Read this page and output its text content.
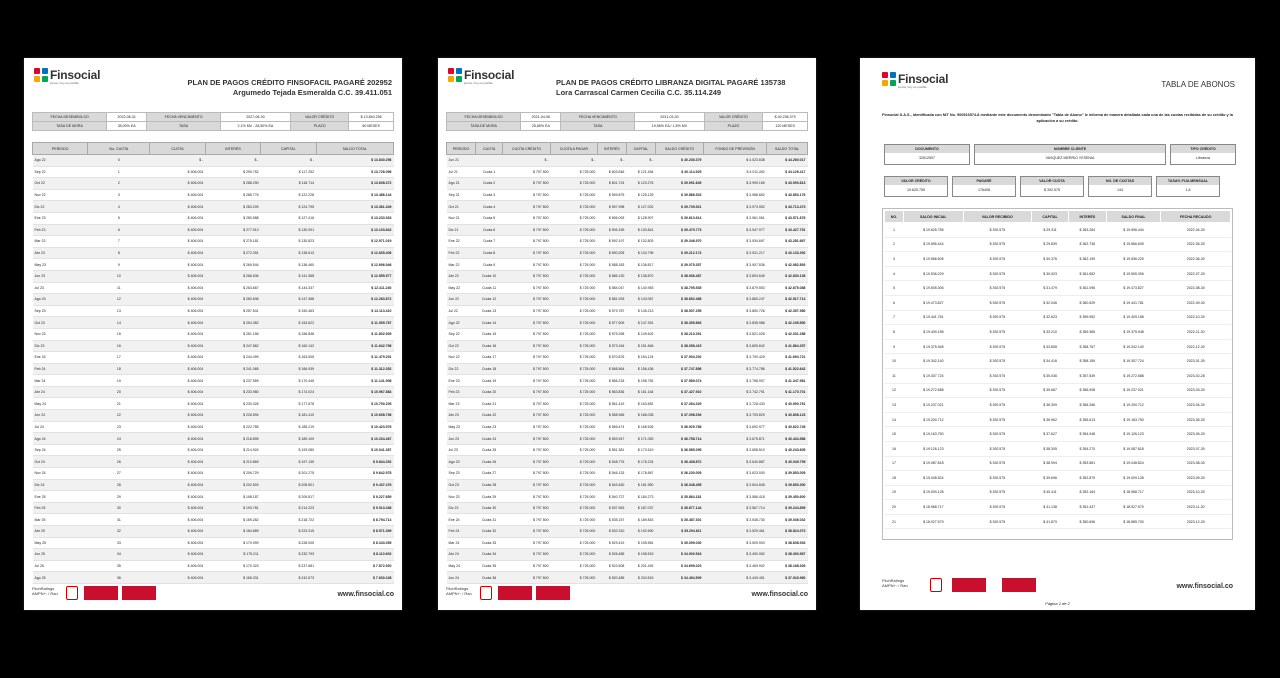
Finsocial
juntos, hoy es posible	PLAN DE PAGOS CRÉDITO FINSOFACIL PAGARÉ 202952
Argumedo Tejada Esmeralda C.C. 39.411.051
FECHA DESEMBOLSO	2022-08-31	FECHA VENCIMIENTO	2027-08-30	VALOR CRÉDITO	$ 13.840.256
TASA DE MORA	35,00% EA	TASA	2,1% MV - 28,50% EA	PLAZO	60 MESES
PERIODO	No. CUOTA	CUOTA	INTERÉS	CAPITAL	SALDO TOTAL
Ago 22	0	$ -	$ -	$ -	$ 13.840.256
Sep 22	1	$ 406.004	$ 290.752	$ 117.252	$ 13.726.096
Oct 22	2	$ 406.004	$ 288.290	$ 118.714	$ 13.608.372
Nov 22	3	$ 406.004	$ 285.776	$ 122.228	$ 13.486.144
Dic 22	4	$ 406.004	$ 283.209	$ 124.795	$ 13.361.349
Ene 23	5	$ 406.004	$ 280.588	$ 127.416	$ 13.233.933
Feb 23	6	$ 406.004	$ 277.913	$ 130.091	$ 13.103.842
Mar 23	7	$ 406.004	$ 275.181	$ 130.823	$ 12.971.019
Abr 23	8	$ 406.004	$ 272.391	$ 135.613	$ 12.835.406
May 23	9	$ 406.004	$ 269.544	$ 136.460	$ 12.696.946
Jun 23	10	$ 406.004	$ 266.636	$ 141.368	$ 12.555.577
Jul 23	11	$ 406.004	$ 263.667	$ 144.337	$ 12.411.240
Ago 23	12	$ 406.004	$ 260.636	$ 147.368	$ 12.263.872
Sep 23	13	$ 406.004	$ 257.541	$ 150.463	$ 12.113.410
Oct 23	14	$ 406.004	$ 254.382	$ 153.622	$ 11.959.787
Nov 23	15	$ 406.004	$ 251.156	$ 156.848	$ 11.802.939
Dic 23	16	$ 406.004	$ 247.862	$ 160.142	$ 11.642.796
Ene 24	17	$ 406.004	$ 244.499	$ 163.505	$ 11.479.291
Feb 24	18	$ 406.004	$ 241.065	$ 166.939	$ 11.312.352
Mar 24	19	$ 406.004	$ 237.559	$ 170.445	$ 11.141.908
Abr 24	20	$ 406.004	$ 233.980	$ 174.024	$ 10.967.884
May 24	21	$ 406.004	$ 230.326	$ 177.678	$ 10.790.205
Jun 24	22	$ 406.004	$ 226.594	$ 181.410	$ 10.608.796
Jul 24	23	$ 406.004	$ 222.785	$ 185.219	$ 10.423.576
Ago 24	24	$ 406.004	$ 218.895	$ 189.109	$ 10.234.467
Sep 24	25	$ 406.004	$ 214.924	$ 193.080	$ 10.041.387
Oct 24	26	$ 406.004	$ 210.869	$ 197.135	$ 9.844.252
Nov 24	27	$ 406.004	$ 206.729	$ 201.275	$ 9.642.978
Dic 24	28	$ 406.004	$ 202.503	$ 205.501	$ 9.437.476
Ene 25	29	$ 406.004	$ 198.187	$ 209.817	$ 9.227.659
Feb 25	30	$ 406.004	$ 193.781	$ 214.223	$ 9.013.436
Mar 25	31	$ 406.004	$ 189.282	$ 218.722	$ 8.794.714
Abr 25	32	$ 406.004	$ 184.689	$ 223.315	$ 8.571.399
May 25	33	$ 406.004	$ 179.999	$ 228.005	$ 8.343.395
Jun 25	34	$ 406.004	$ 175.211	$ 232.793	$ 8.110.602
Jul 25	35	$ 406.004	$ 170.323	$ 237.681	$ 7.872.920
Ago 25	36	$ 406.004	$ 165.331	$ 242.673	$ 7.630.248
FitchRatings AMPN+: / Ran	www.finsocial.co
Finsocial
juntos, hoy es posible	PLAN DE PAGOS CRÉDITO LIBRANZA DIGITAL PAGARÉ 135738
Lora Carrascal Carmen Cecilia C.C. 35.114.249
FECHA DESEMBOLSO	2021-04-06	FECHA VENCIMIENTO	2031-03-30	VALOR CRÉDITO	$ 40.236.379
TASA DE MORA	25,85% EA	TASA	19,56% EA / 1,5% MV	PLAZO	120 MESES
PERIODO	CUOTA	CUOTA CRÉDITO	CUOTA A PAGAR	INTERÉS	CAPITAL	SALDO CRÉDITO	FONDO DE PREVISIÓN	SALDO TOTAL
Jun 21		$ -	$ -	$ -	$ -	$ 40.236.379	$ 4.023.638	$ 44.260.017
Jul 21	Cuota 1	$ 797.500	$ 725.000	$ 603.546	$ 121.454	$ 40.114.925	$ 4.011.492	$ 44.126.417
Ago 21	Cuota 2	$ 797.500	$ 725.000	$ 601.724	$ 123.276	$ 39.991.649	$ 3.999.165	$ 43.990.813
Sep 21	Cuota 3	$ 797.500	$ 725.000	$ 599.875	$ 125.125	$ 39.866.523	$ 3.986.652	$ 43.853.176
Oct 21	Cuota 4	$ 797.500	$ 725.000	$ 597.998	$ 127.002	$ 39.739.521	$ 3.973.952	$ 43.713.473
Nov 21	Cuota 5	$ 797.500	$ 725.000	$ 596.093	$ 128.907	$ 39.610.614	$ 3.961.061	$ 43.571.676
Dic 21	Cuota 6	$ 797.500	$ 725.000	$ 594.159	$ 130.841	$ 39.479.773	$ 3.947.977	$ 43.427.751
Ene 22	Cuota 7	$ 797.500	$ 725.000	$ 592.197	$ 132.803	$ 39.346.970	$ 3.934.697	$ 43.281.667
Feb 22	Cuota 8	$ 797.500	$ 725.000	$ 590.205	$ 134.795	$ 39.212.174	$ 3.921.217	$ 43.133.392
Mar 22	Cuota 9	$ 797.500	$ 725.000	$ 588.183	$ 136.817	$ 39.075.357	$ 3.907.536	$ 42.982.893
Abr 22	Cuota 10	$ 797.500	$ 725.000	$ 586.130	$ 138.870	$ 38.936.487	$ 3.893.649	$ 42.830.136
May 22	Cuota 11	$ 797.500	$ 725.000	$ 584.047	$ 140.953	$ 38.795.535	$ 3.879.553	$ 42.675.088
Jun 22	Cuota 12	$ 797.500	$ 725.000	$ 581.933	$ 143.067	$ 38.652.468	$ 3.865.247	$ 42.517.714
Jul 22	Cuota 13	$ 797.500	$ 725.000	$ 579.787	$ 145.213	$ 38.507.255	$ 3.850.726	$ 42.357.980
Ago 22	Cuota 14	$ 797.500	$ 725.000	$ 577.609	$ 147.391	$ 38.359.863	$ 3.835.986	$ 42.195.850
Sep 22	Cuota 15	$ 797.500	$ 725.000	$ 575.398	$ 149.602	$ 38.210.261	$ 3.821.026	$ 42.031.288
Oct 22	Cuota 16	$ 797.500	$ 725.000	$ 573.154	$ 151.846	$ 38.058.415	$ 3.805.842	$ 41.864.257
Nov 22	Cuota 17	$ 797.500	$ 725.000	$ 570.876	$ 154.124	$ 37.904.292	$ 3.790.429	$ 41.694.721
Dic 22	Cuota 18	$ 797.500	$ 725.000	$ 568.564	$ 156.436	$ 37.747.856	$ 3.774.786	$ 41.522.642
Ene 23	Cuota 19	$ 797.500	$ 725.000	$ 566.218	$ 158.782	$ 37.589.074	$ 3.758.907	$ 41.347.981
Feb 23	Cuota 20	$ 797.500	$ 725.000	$ 563.836	$ 161.164	$ 37.427.910	$ 3.742.791	$ 41.170.701
Mar 23	Cuota 21	$ 797.500	$ 725.000	$ 561.419	$ 163.581	$ 37.264.329	$ 3.726.433	$ 40.990.761
Abr 23	Cuota 22	$ 797.500	$ 725.000	$ 558.965	$ 166.035	$ 37.098.294	$ 3.709.829	$ 40.808.123
May 23	Cuota 23	$ 797.500	$ 725.000	$ 556.474	$ 168.526	$ 36.929.768	$ 3.692.977	$ 40.622.745
Jun 23	Cuota 24	$ 797.500	$ 725.000	$ 553.947	$ 171.053	$ 36.758.714	$ 3.675.871	$ 40.434.586
Jul 23	Cuota 25	$ 797.500	$ 725.000	$ 551.381	$ 173.619	$ 36.585.095	$ 3.658.510	$ 40.243.605
Ago 23	Cuota 26	$ 797.500	$ 725.000	$ 548.776	$ 176.224	$ 36.408.872	$ 3.640.887	$ 40.049.759
Sep 23	Cuota 27	$ 797.500	$ 725.000	$ 546.133	$ 178.867	$ 36.230.005	$ 3.623.000	$ 39.853.005
Oct 23	Cuota 28	$ 797.500	$ 725.000	$ 543.450	$ 181.550	$ 36.048.455	$ 3.604.845	$ 39.653.300
Nov 23	Cuota 29	$ 797.500	$ 725.000	$ 540.727	$ 184.273	$ 35.864.181	$ 3.586.418	$ 39.450.600
Dic 23	Cuota 30	$ 797.500	$ 725.000	$ 537.963	$ 187.037	$ 35.677.144	$ 3.567.714	$ 39.244.859
Ene 24	Cuota 31	$ 797.500	$ 725.000	$ 535.157	$ 189.843	$ 35.487.301	$ 3.548.730	$ 39.036.032
Feb 24	Cuota 32	$ 797.500	$ 725.000	$ 532.310	$ 192.690	$ 35.294.611	$ 3.529.461	$ 38.824.073
Mar 24	Cuota 33	$ 797.500	$ 725.000	$ 529.419	$ 195.581	$ 35.099.030	$ 3.509.903	$ 38.608.933
Abr 24	Cuota 34	$ 797.500	$ 725.000	$ 526.485	$ 198.515	$ 34.900.516	$ 3.490.052	$ 38.390.567
May 24	Cuota 35	$ 797.500	$ 725.000	$ 523.508	$ 201.492	$ 34.699.023	$ 3.469.902	$ 38.168.926
Jun 24	Cuota 36	$ 797.500	$ 725.000	$ 520.485	$ 204.515	$ 34.494.509	$ 3.449.451	$ 37.943.960
FitchRatings AMPN+: / Ran	www.finsocial.co
Finsocial
juntos, hoy es posible	TABLA DE ABONOS
Finsocial S.A.S., identificada con NIT No. 900516574-8 mediante este documento denominado "Tabla de Abono" le informa de manera detallada cada una de las cuotas recibidas de su crédito y la aplicación a su crédito.
DOCUMENTO
32612597
NOMBRE CLIENTE
VASQUEZ MERRIO YESENIA
TIPO CRÉDITO
Libranza
VALOR CRÉDITO
19.625.755
PAGARÉ
176408
VALOR CUOTA
$ 392.575
NO. DE CUOTAS
144
TASA% FIJA MENSUAL
1,8
NO.	SALDO INICIAL	VALOR RECIBIDO	CAPITAL	INTERÉS	SALDO FINAL	FECHA RECAUDO
1	$ 19.625.755	$ 392.575	$ 29.311	$ 363.264	$ 19.596.444	2022-04-30
2	$ 19.596.444	$ 392.575	$ 29.839	$ 362.736	$ 19.566.605	2022-05-30
3	$ 19.566.605	$ 392.575	$ 30.376	$ 362.199	$ 19.536.229	2022-06-30
4	$ 19.536.229	$ 392.575	$ 30.923	$ 361.652	$ 19.505.306	2022-07-30
5	$ 19.505.306	$ 392.575	$ 31.479	$ 361.096	$ 19.473.827	2022-08-30
6	$ 19.473.827	$ 392.575	$ 32.046	$ 360.529	$ 19.441.781	2022-09-30
7	$ 19.441.781	$ 392.575	$ 32.623	$ 359.952	$ 19.409.158	2022-10-30
8	$ 19.409.158	$ 392.575	$ 33.210	$ 359.365	$ 19.375.948	2022-11-30
9	$ 19.375.948	$ 392.575	$ 33.808	$ 358.767	$ 19.342.140	2022-12-30
10	$ 19.342.140	$ 392.575	$ 34.416	$ 358.159	$ 19.307.724	2023-01-30
11	$ 19.307.724	$ 392.575	$ 35.036	$ 357.539	$ 19.272.688	2023-02-28
12	$ 19.272.688	$ 392.575	$ 35.667	$ 356.908	$ 19.237.021	2023-03-30
13	$ 19.237.021	$ 392.575	$ 36.309	$ 356.266	$ 19.200.712	2023-04-30
14	$ 19.200.712	$ 392.575	$ 36.962	$ 355.613	$ 19.163.750	2023-05-30
15	$ 19.163.750	$ 392.575	$ 37.627	$ 354.948	$ 19.126.123	2023-06-30
16	$ 19.126.123	$ 392.575	$ 38.305	$ 354.270	$ 19.087.818	2023-07-30
17	$ 19.087.818	$ 392.575	$ 38.994	$ 353.581	$ 19.048.824	2023-08-30
18	$ 19.048.824	$ 392.575	$ 39.696	$ 352.879	$ 19.009.128	2023-09-30
19	$ 19.009.128	$ 392.575	$ 40.411	$ 352.164	$ 18.968.717	2023-10-30
20	$ 18.968.717	$ 392.575	$ 41.138	$ 351.437	$ 18.927.579	2023-11-30
21	$ 18.927.579	$ 392.575	$ 41.879	$ 350.696	$ 18.885.700	2023-12-30
FitchRatings AMPN+: / Ran	www.finsocial.co
Página 1 de 2
